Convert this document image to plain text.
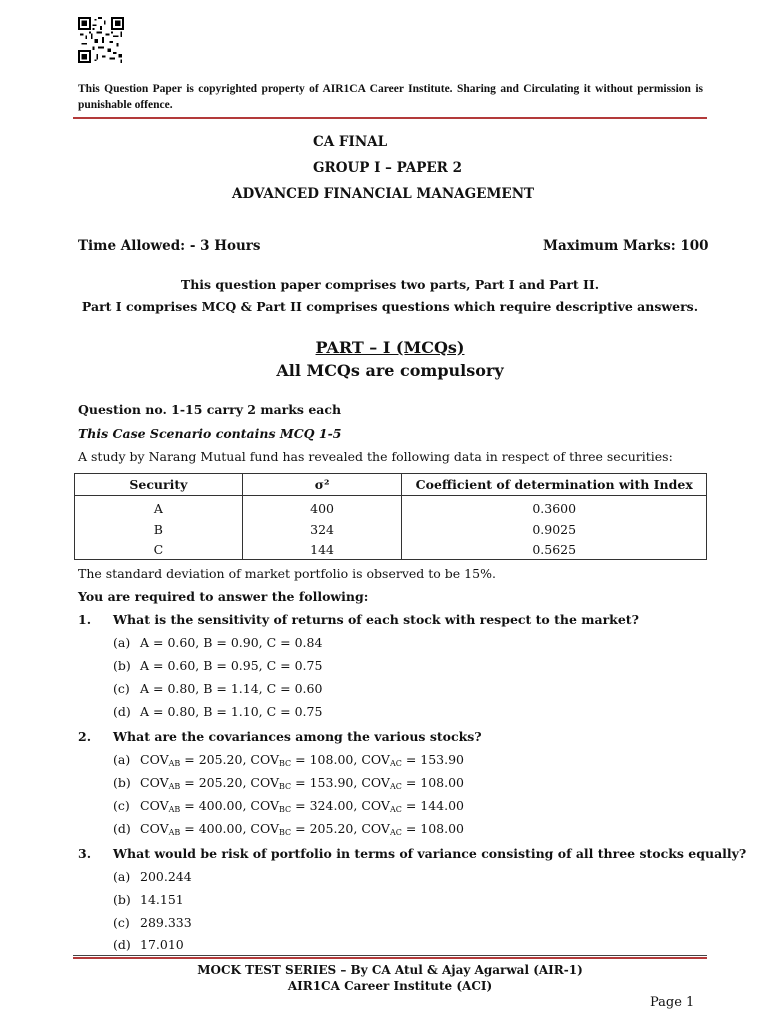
This Question Paper is copyrighted property of AIR1CA Career Institute. Sharing and Circulating it without permission is punishable offence.
CA FINAL
GROUP I – PAPER 2
ADVANCED FINANCIAL MANAGEMENT
Time Allowed: - 3 Hours	Maximum Marks: 100
This question paper comprises two parts, Part I and Part II.
Part I comprises MCQ & Part II comprises questions which require descriptive answers.
PART – I (MCQs)
All MCQs are compulsory
Question no. 1-15 carry 2 marks each
This Case Scenario contains MCQ 1-5
A study by Narang Mutual fund has revealed the following data in respect of three securities:
Security	σ²	Coefficient of determination with Index
A	400	0.3600
B	324	0.9025
C	144	0.5625
The standard deviation of market portfolio is observed to be 15%.
You are required to answer the following:
1. What is the sensitivity of returns of each stock with respect to the market?
(a) A = 0.60, B = 0.90, C = 0.84
(b) A = 0.60, B = 0.95, C = 0.75
(c) A = 0.80, B = 1.14, C = 0.60
(d) A = 0.80, B = 1.10, C = 0.75
2. What are the covariances among the various stocks?
(a) $COV_{AB} = 205.20$, $COV_{BC} = 108.00$, $COV_{AC} = 153.90$
(b) $COV_{AB} = 205.20$, $COV_{BC} = 153.90$, $COV_{AC} = 108.00$
(c) $COV_{AB} = 400.00$, $COV_{BC} = 324.00$, $COV_{AC} = 144.00$
(d) $COV_{AB} = 400.00$, $COV_{BC} = 205.20$, $COV_{AC} = 108.00$
3. What would be risk of portfolio in terms of variance consisting of all three stocks equally?
(a) 200.244
(b) 14.151
(c) 289.333
(d) 17.010
MOCK TEST SERIES – By CA Atul & Ajay Agarwal (AIR-1)
AIR1CA Career Institute (ACI)
Page 1
